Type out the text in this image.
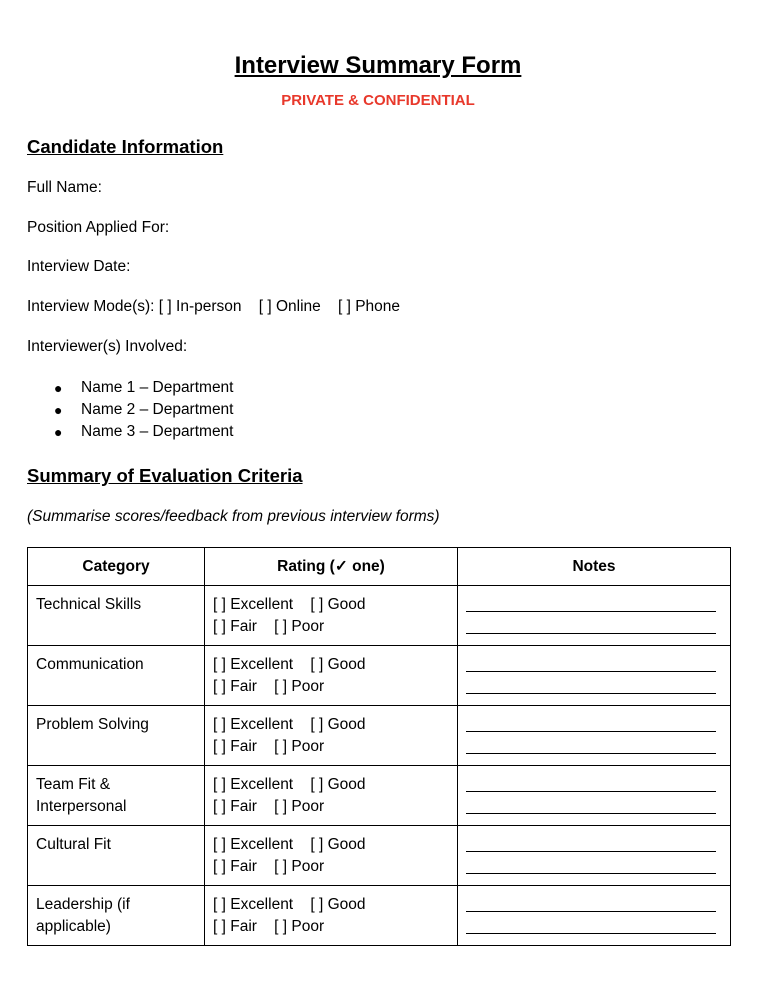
Interview Summary Form

PRIVATE & CONFIDENTIAL

Candidate Information

Full Name:

Position Applied For:

Interview Date:

Interview Mode(s): [ ] In-person    [ ] Online    [ ] Phone

Interviewer(s) Involved:

● Name 1 – Department
● Name 2 – Department
● Name 3 – Department
Summary of Evaluation Criteria

(Summarise scores/feedback from previous interview forms)

Category	Rating (✓ one)	Notes
Technical Skills	[ ] Excellent    [ ] Good
[ ] Fair    [ ] Poor	

Communication	[ ] Excellent    [ ] Good
[ ] Fair    [ ] Poor	

Problem Solving	[ ] Excellent    [ ] Good
[ ] Fair    [ ] Poor	

Team Fit & Interpersonal	[ ] Excellent    [ ] Good
[ ] Fair    [ ] Poor	

Cultural Fit	[ ] Excellent    [ ] Good
[ ] Fair    [ ] Poor	

Leadership (if applicable)	[ ] Excellent    [ ] Good
[ ] Fair    [ ] Poor	
